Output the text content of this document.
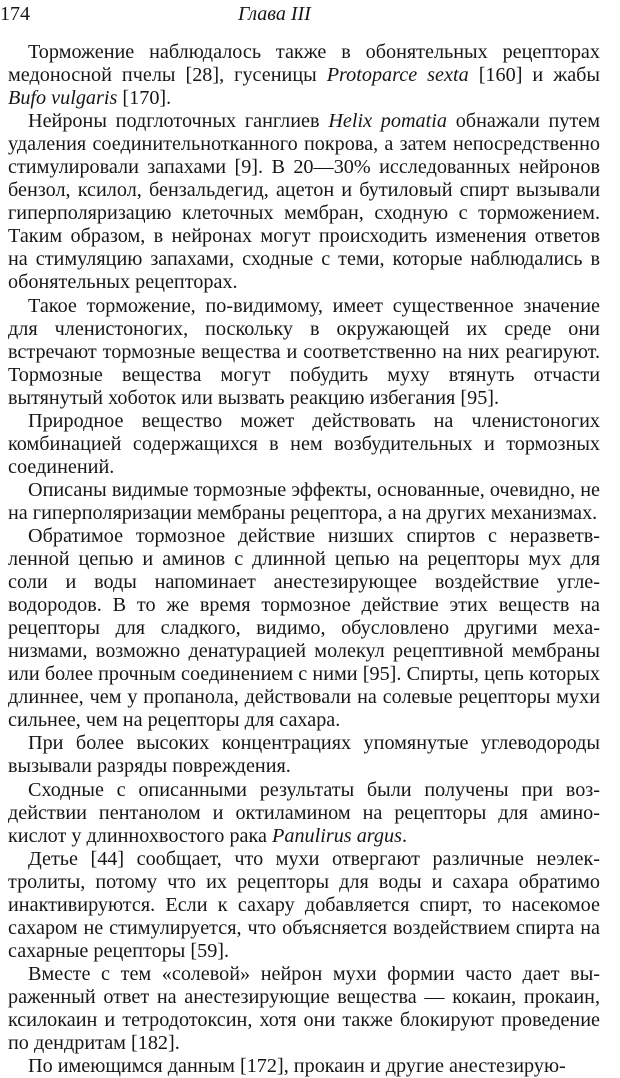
174	Глава III

Торможение наблюдалось также в обонятельных рецепторах медоносной пчелы [28], гусеницы Protoparce sexta [160] и жабы Bufo vulgaris [170].

Нейроны подглоточных ганглиев Helix pomatia обнажали путем удаления соединительнотканного покрова, а затем непосредственно стимулировали запахами [9]. В 20—30% исследованных нейронов бензол, ксилол, бензальдегид, ацетон и бутиловый спирт вызывали гиперполяризацию клеточных мембран, сходную с торможением. Таким образом, в нейронах могут происходить изменения ответов на стимуляцию запахами, сходные с теми, которые наблюдались в обонятельных рецепторах.

Такое торможение, по-видимому, имеет существенное значение для членистоногих, поскольку в окружающей их среде они встречают тормозные вещества и соответственно на них реагируют. Тормозные вещества могут побудить муху втянуть отчасти вытянутый хоботок или вызвать реакцию избегания [95].

Природное вещество может действовать на членистоногих комбинацией содержащихся в нем возбудительных и тормозных соединений.

Описаны видимые тормозные эффекты, основанные, очевидно, не на гиперполяризации мембраны рецептора, а на других механизмах.

Обратимое тормозное действие низших спиртов с неразветвленной цепью и аминов с длинной цепью на рецепторы мух для соли и воды напоминает анестезирующее воздействие углеводородов. В то же время тормозное действие этих веществ на рецепторы для сладкого, видимо, обусловлено другими механизмами, возможно денатурацией молекул рецептивной мембраны или более прочным соединением с ними [95]. Спирты, цепь которых длиннее, чем у пропанола, действовали на солевые рецепторы мухи сильнее, чем на рецепторы для сахара.

При более высоких концентрациях упомянутые углеводороды вызывали разряды повреждения.

Сходные с описанными результаты были получены при воздействии пентанолом и октиламином на рецепторы для аминокислот у длиннохвостого рака Panulirus argus.

Детье [44] сообщает, что мухи отвергают различные неэлектролиты, потому что их рецепторы для воды и сахара обратимо инактивируются. Если к сахару добавляется спирт, то насекомое сахаром не стимулируется, что объясняется воздействием спирта на сахарные рецепторы [59].

Вместе с тем «солевой» нейрон мухи формии часто дает выраженный ответ на анестезирующие вещества — кокаин, прокаин, ксилокаин и тетродотоксин, хотя они также блокируют проведение по дендритам [182].

По имеющимся данным [172], прокаин и другие анестезирую-
